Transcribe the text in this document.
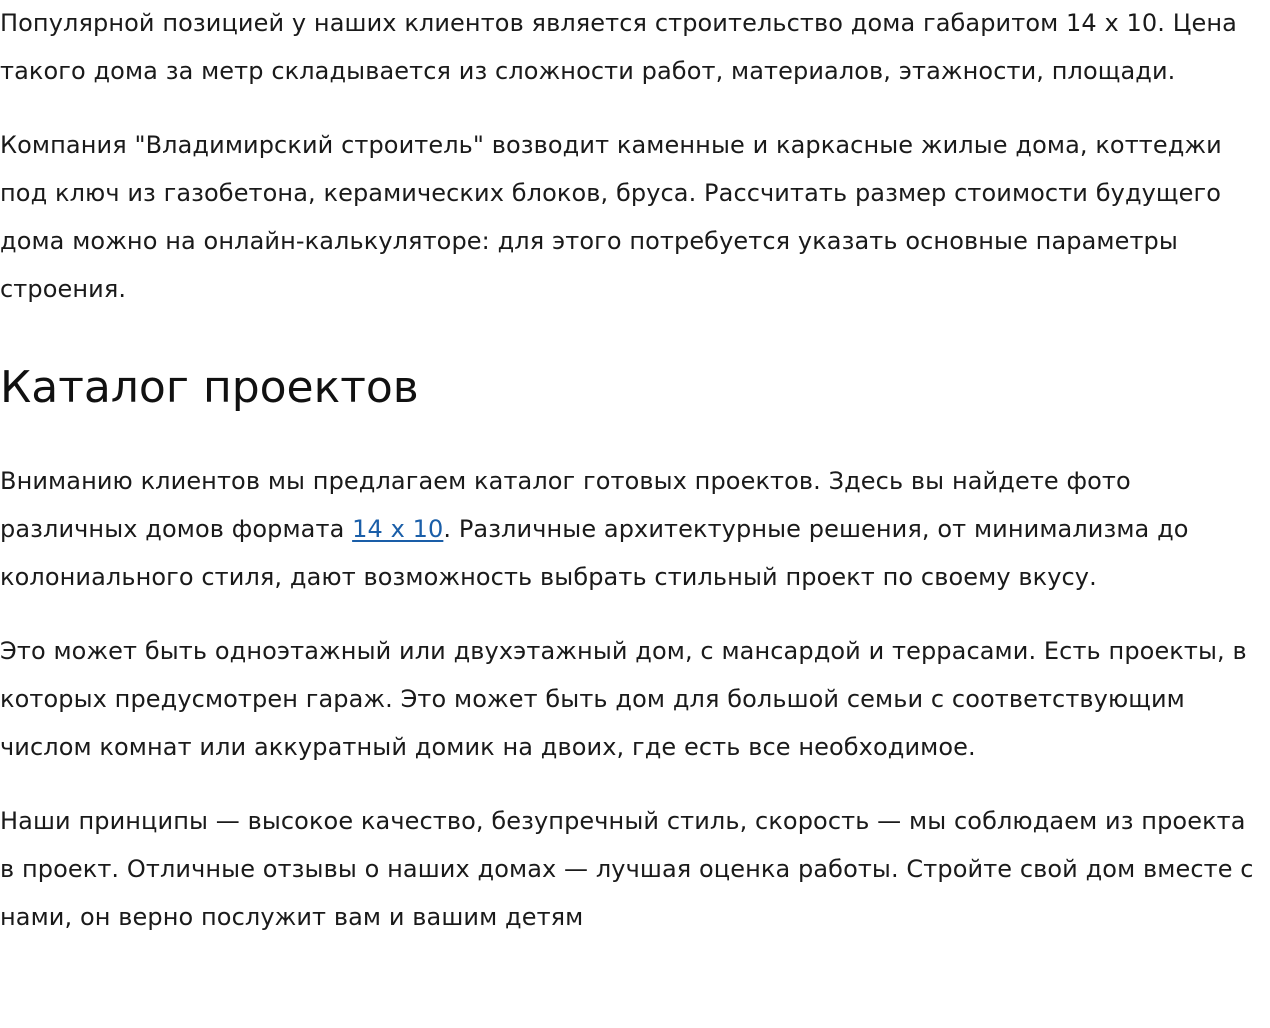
Популярной позицией у наших клиентов является строительство дома габаритом 14 х 10. Цена такого дома за метр складывается из сложности работ, материалов, этажности, площади.

Компания "Владимирский строитель" возводит каменные и каркасные жилые дома, коттеджи под ключ из газобетона, керамических блоков, бруса. Рассчитать размер стоимости будущего дома можно на онлайн-калькуляторе: для этого потребуется указать основные параметры строения.

Каталог проектов

Вниманию клиентов мы предлагаем каталог готовых проектов. Здесь вы найдете фото различных домов формата 14 x 10. Различные архитектурные решения, от минимализма до колониального стиля, дают возможность выбрать стильный проект по своему вкусу.

Это может быть одноэтажный или двухэтажный дом, с мансардой и террасами. Есть проекты, в которых предусмотрен гараж. Это может быть дом для большой семьи с соответствующим числом комнат или аккуратный домик на двоих, где есть все необходимое.

Наши принципы — высокое качество, безупречный стиль, скорость — мы соблюдаем из проекта в проект. Отличные отзывы о наших домах — лучшая оценка работы. Стройте свой дом вместе с нами, он верно послужит вам и вашим детям
